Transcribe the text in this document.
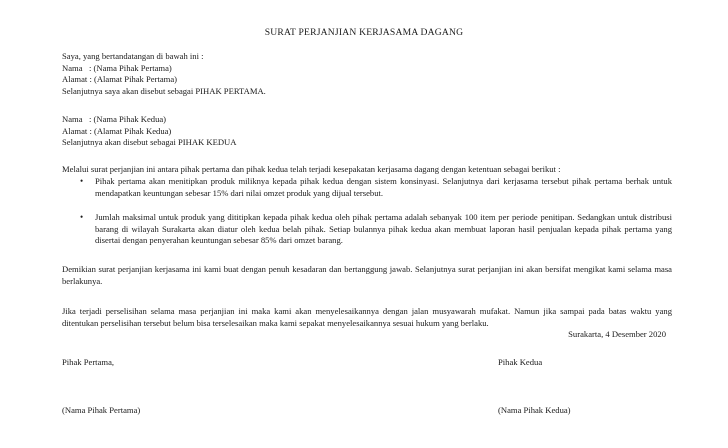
SURAT PERJANJIAN KERJASAMA DAGANG
Saya, yang bertandatangan di bawah ini :
Nama   : (Nama Pihak Pertama)
Alamat : (Alamat Pihak Pertama)
Selanjutnya saya akan disebut sebagai PIHAK PERTAMA.
Nama   : (Nama Pihak Kedua)
Alamat : (Alamat Pihak Kedua)
Selanjutnya akan disebut sebagai PIHAK KEDUA
Melalui surat perjanjian ini antara pihak pertama dan pihak kedua telah terjadi kesepakatan kerjasama dagang dengan ketentuan sebagai berikut :
• Pihak pertama akan menitipkan produk miliknya kepada pihak kedua dengan sistem konsinyasi. Selanjutnya dari kerjasama tersebut pihak pertama berhak untuk mendapatkan keuntungan sebesar 15% dari nilai omzet produk yang dijual tersebut.
• Jumlah maksimal untuk produk yang dititipkan kepada pihak kedua oleh pihak pertama adalah sebanyak 100 item per periode penitipan. Sedangkan untuk distribusi barang di wilayah Surakarta akan diatur oleh kedua belah pihak. Setiap bulannya pihak kedua akan membuat laporan hasil penjualan kepada pihak pertama yang disertai dengan penyerahan keuntungan sebesar 85% dari omzet barang.
Demikian surat perjanjian kerjasama ini kami buat dengan penuh kesadaran dan bertanggung jawab. Selanjutnya surat perjanjian ini akan bersifat mengikat kami selama masa berlakunya.
Jika terjadi perselisihan selama masa perjanjian ini maka kami akan menyelesaikannya dengan jalan musyawarah mufakat. Namun jika sampai pada batas waktu yang ditentukan perselisihan tersebut belum bisa terselesaikan maka kami sepakat menyelesaikannya sesuai hukum yang berlaku.
Surakarta, 4 Desember 2020
Pihak Pertama,	Pihak Kedua
(Nama Pihak Pertama)	(Nama Pihak Kedua)
